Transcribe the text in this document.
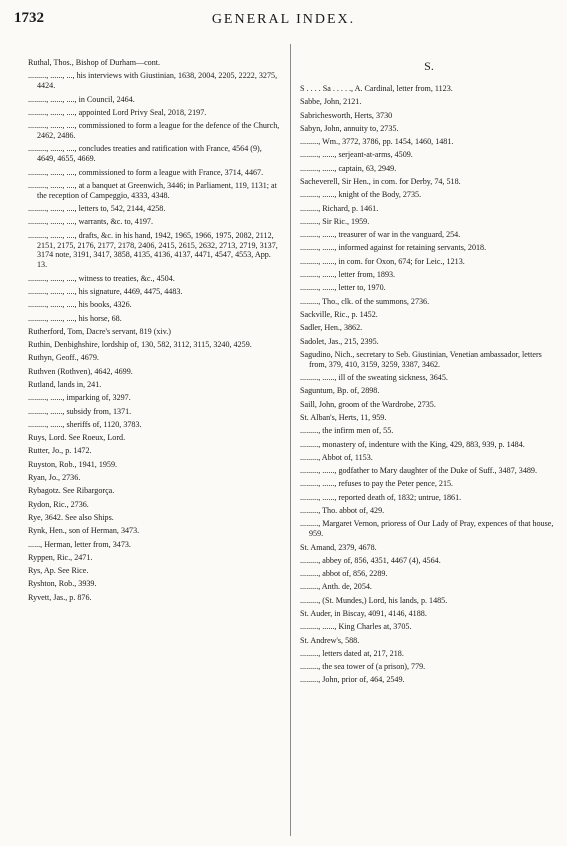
1732	GENERAL INDEX.
Ruthal, Thos., Bishop of Durham—cont.
........., ......, ..., his interviews with Giustinian, 1638, 2004, 2205, 2222, 3275, 4424.
........., ......, ...., in Council, 2464.
........., ......, ...., appointed Lord Privy Seal, 2018, 2197.
........., ......, ...., commissioned to form a league for the defence of the Church, 2462, 2486.
........., ......, ...., concludes treaties and ratification with France, 4564 (9), 4649, 4655, 4669.
........., ......, ...., commissioned to form a league with France, 3714, 4467.
........., ......, ...., at a banquet at Greenwich, 3446; in Parliament, 119, 1131; at the reception of Campeggio, 4333, 4348.
........., ......, ...., letters to, 542, 2144, 4258.
........., ......, ...., warrants, &c. to, 4197.
........., ......, ...., drafts, &c. in his hand, 1942, 1965, 1966, 1975, 2082, 2112, 2151, 2175, 2176, 2177, 2178, 2406, 2415, 2615, 2632, 2713, 2719, 3137, 3174 note, 3191, 3417, 3858, 4135, 4136, 4137, 4471, 4547, 4553, App. 13.
........., ......, ...., witness to treaties, &c., 4504.
........., ......, ...., his signature, 4469, 4475, 4483.
........., ......, ...., his books, 4326.
........., ......, ...., his horse, 68.
Rutherford, Tom, Dacre's servant, 819 (xiv.)
Ruthin, Denbighshire, lordship of, 130, 582, 3112, 3115, 3240, 4259.
Ruthyn, Geoff., 4679.
Ruthven (Rothven), 4642, 4699.
Rutland, lands in, 241.
........., ......, imparking of, 3297.
........., ......, subsidy from, 1371.
........., ......, sheriffs of, 1120, 3783.
Ruys, Lord. See Roeux, Lord.
Rutter, Jo., p. 1472.
Ruyston, Rob., 1941, 1959.
Ryan, Jo., 2736.
Rybagotz. See Ribargorça.
Rydon, Ric., 2736.
Rye, 3642. See also Ships.
Rynk, Hen., son of Herman, 3473.
......, Herman, letter from, 3473.
Ryppen, Ric., 2471.
Rys, Ap. See Rice.
Ryshton, Rob., 3939.
Ryvett, Jas., p. 876.
S.
S . . . . Sa . . . . ., A. Cardinal, letter from, 1123.
Sabbe, John, 2121.
Sabrichesworth, Herts, 3730
Sabyn, John, annuity to, 2735.
........., Wm., 3772, 3786, pp. 1454, 1460, 1481.
........., ......, serjeant-at-arms, 4509.
........., ......, captain, 63, 2949.
Sacheverell, Sir Hen., in com. for Derby, 74, 518.
........., ......, knight of the Body, 2735.
........., Richard, p. 1461.
........., Sir Ric., 1959.
........., ......, treasurer of war in the vanguard, 254.
........., ......, informed against for retaining servants, 2018.
........., ......, in com. for Oxon, 674; for Leic., 1213.
........., ......, letter from, 1893.
........., ......, letter to, 1970.
........., Tho., clk. of the summons, 2736.
Sackville, Ric., p. 1452.
Sadler, Hen., 3862.
Sadolet, Jas., 215, 2395.
Sagudino, Nich., secretary to Seb. Giustinian, Venetian ambassador, letters from, 379, 410, 3159, 3259, 3387, 3462.
........., ......, ill of the sweating sickness, 3645.
Saguntum, Bp. of, 2898.
Saill, John, groom of the Wardrobe, 2735.
St. Alban's, Herts, 11, 959.
........., the infirm men of, 55.
........., monastery of, indenture with the King, 429, 883, 939, p. 1484.
........., Abbot of, 1153.
........., ......, godfather to Mary daughter of the Duke of Suff., 3487, 3489.
........., ......, refuses to pay the Peter pence, 215.
........., ......, reported death of, 1832; untrue, 1861.
........., Tho. abbot of, 429.
........., Margaret Vernon, prioress of Our Lady of Pray, expences of that house, 959.
St. Amand, 2379, 4678.
........., abbey of, 856, 4351, 4467 (4), 4564.
........., abbot of, 856, 2289.
........., Anth. de, 2054.
........., (St. Mundes,) Lord, his lands, p. 1485.
St. Auder, in Biscay, 4091, 4146, 4188.
........., ......, King Charles at, 3705.
St. Andrew's, 588.
........., letters dated at, 217, 218.
........., the sea tower of (a prison), 779.
........., John, prior of, 464, 2549.
